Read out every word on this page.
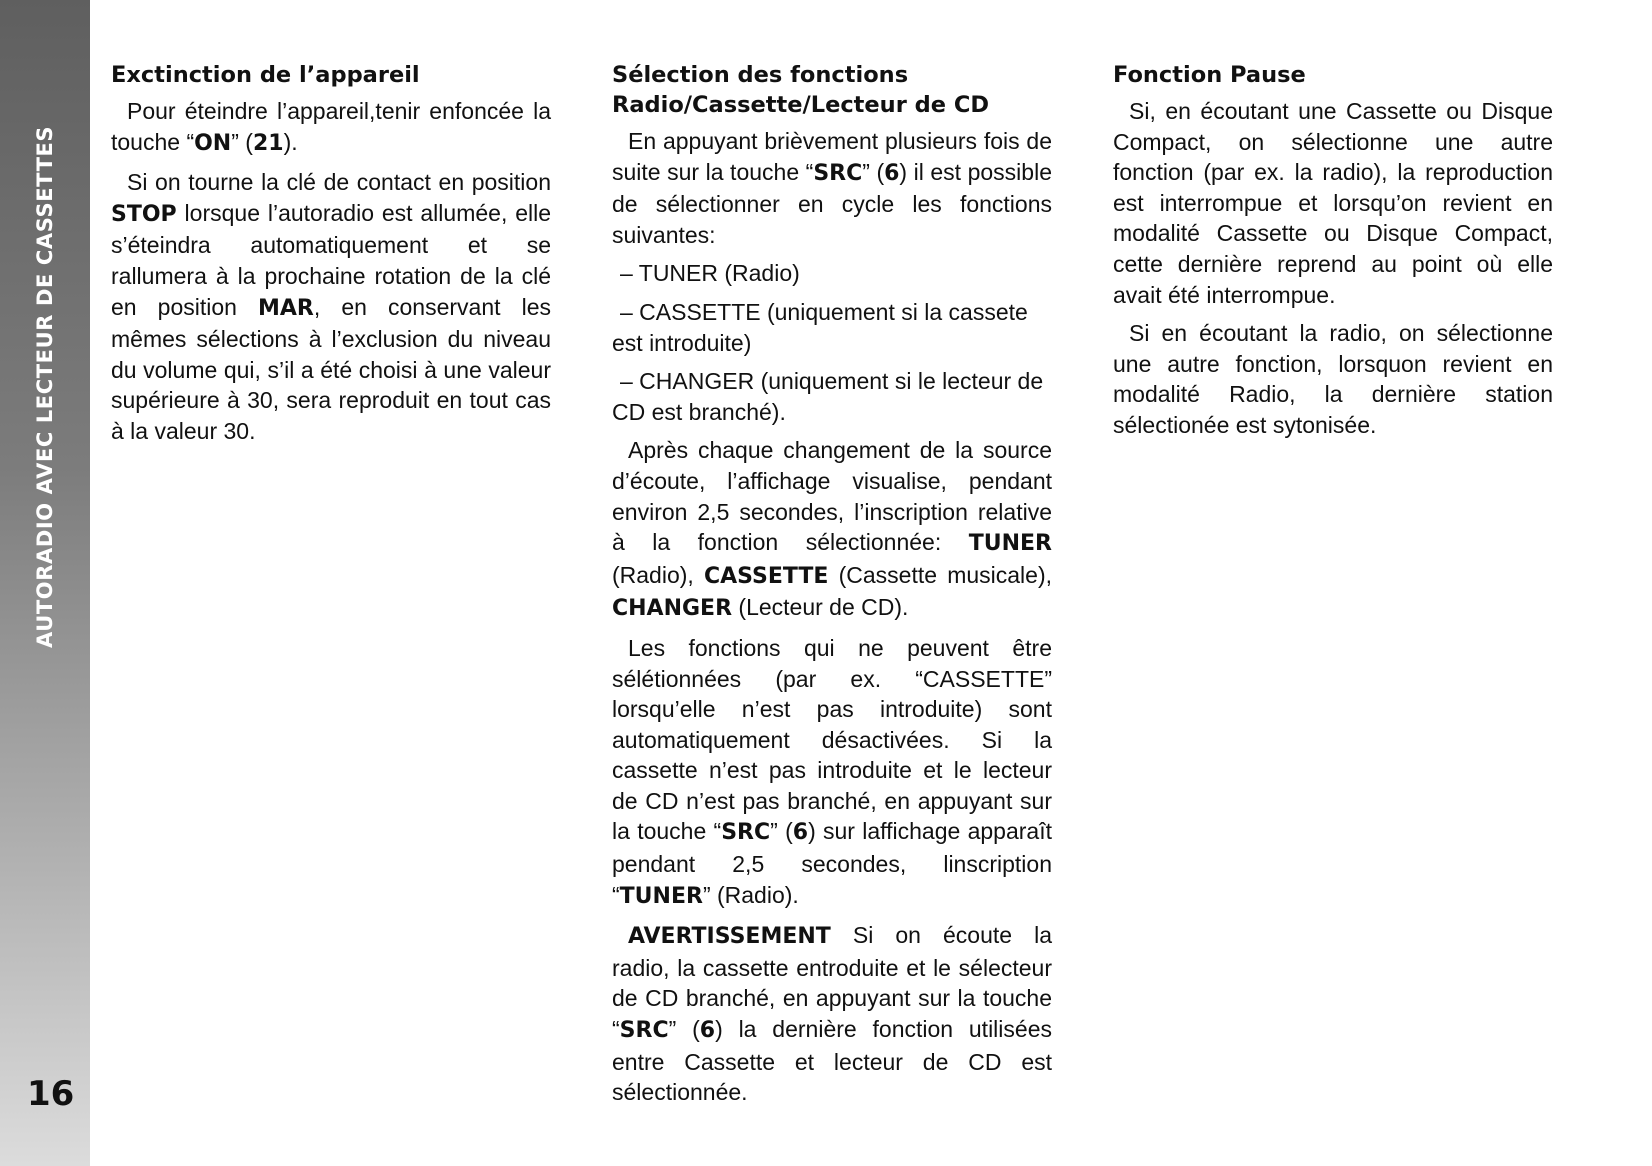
AUTORADIO AVEC LECTEUR DE CASSETTES
16
Exctinction de l’appareil

Pour éteindre l’appareil,tenir enfoncée la touche “ON” (21).

Si on tourne la clé de contact en position STOP lorsque l’autoradio est allumée, elle s’éteindra automatiquement et se rallumera à la prochaine rotation de la clé en position MAR, en conservant les mêmes sélections à l’exclusion du niveau du volume qui, s’il a été choisi à une valeur supérieure à 30, sera reproduit en tout cas à la valeur 30.

Sélection des fonctions
Radio/Cassette/Lecteur de CD

En appuyant brièvement plusieurs fois de suite sur la touche “SRC” (6) il est possible de sélectionner en cycle les fonctions suivantes:

– TUNER (Radio)

– CASSETTE (uniquement si la cassete est introduite)

– CHANGER (uniquement si le lecteur de CD est branché).

Après chaque changement de la source d’écoute, l’affichage visualise, pendant environ 2,5 secondes, l’inscription relative à la fonction sélectionnée: TUNER (Radio), CASSETTE (Cassette musicale), CHANGER (Lecteur de CD).

Les fonctions qui ne peuvent être sélétionnées (par ex. “CASSETTE” lorsqu’elle n’est pas introduite) sont automatiquement désactivées. Si la cassette n’est pas introduite et le lecteur de CD n’est pas branché, en appuyant sur la touche “SRC” (6) sur laffichage apparaît pendant 2,5 secondes, linscription “TUNER” (Radio).

AVERTISSEMENT Si on écoute la radio, la cassette entroduite et le sélecteur de CD branché, en appuyant sur la touche “SRC” (6) la dernière fonction utilisées entre Cassette et lecteur de CD est sélectionnée.

Fonction Pause

Si, en écoutant une Cassette ou Disque Compact, on sélectionne une autre fonction (par ex. la radio), la reproduction est interrompue et lorsqu’on revient en modalité Cassette ou Disque Compact, cette dernière reprend au point où elle avait été interrompue.

Si en écoutant la radio, on sélectionne une autre fonction, lorsquon revient en modalité Radio, la dernière station sélectionée est sytonisée.
